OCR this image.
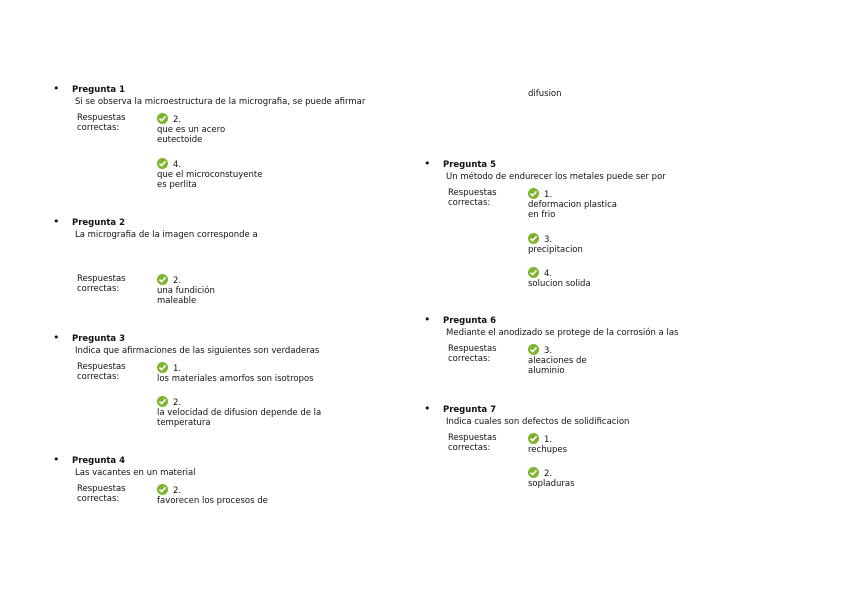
• Pregunta 1
Si se observa la microestructura de la micrografia, se puede afirmar
Respuestas correctas:
2.
que es un acero
eutectoide
4.
que el microconstuyente
es perlita
• Pregunta 2
La micrografia de la imagen corresponde a
Respuestas correctas:
2.
una fundición
maleable
• Pregunta 3
Indica que afirmaciones de las siguientes son verdaderas
Respuestas correctas:
1.
los materiales amorfos son isotropos
2.
la velocidad de difusion depende de la
temperatura
• Pregunta 4
Las vacantes en un material
Respuestas correctas:
2.
favorecen los procesos de
difusion
• Pregunta 5
Un método de endurecer los metales puede ser por
Respuestas correctas:
1.
deformacion plastica
en frio
3.
precipitacion
4.
solucion solida
• Pregunta 6
Mediante el anodizado se protege de la corrosión a las
Respuestas correctas:
3.
aleaciones de
aluminio
• Pregunta 7
Indica cuales son defectos de solidificacion
Respuestas correctas:
1.
rechupes
2.
sopladuras
